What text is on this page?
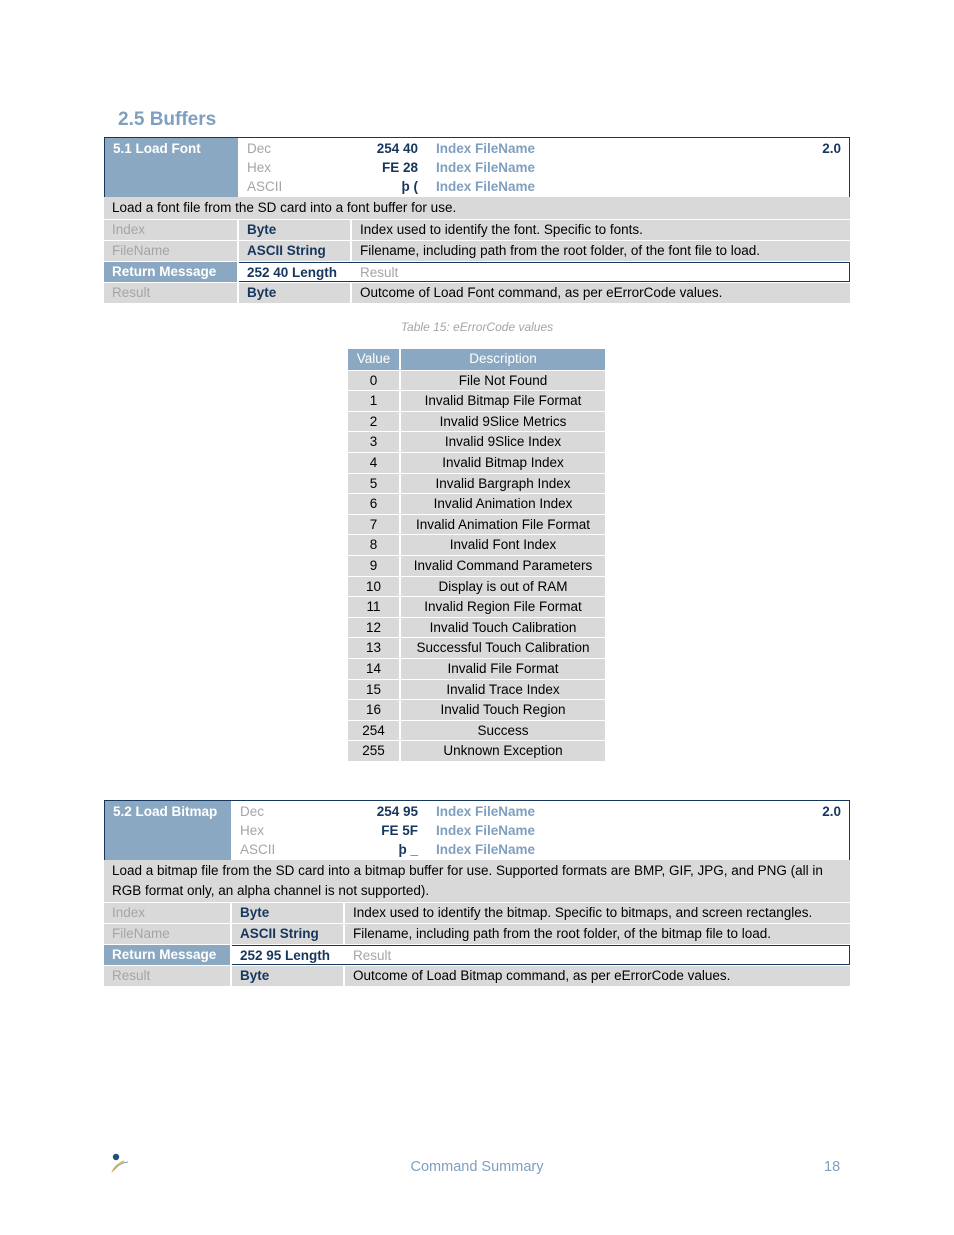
2.5 Buffers
5.1 Load Font	Dec	254 40 Index FileName	2.0
Hex	FE 28 Index FileName
ASCII	þ ( Index FileName
Load a font file from the SD card into a font buffer for use.
Index	Byte	Index used to identify the font. Specific to fonts.
FileName	ASCII String	Filename, including path from the root folder, of the font file to load.
Return Message	252 40 Length	Result
Result	Byte	Outcome of Load Font command, as per eErrorCode values.
Table 15: eErrorCode values
Value	Description
0	File Not Found
1	Invalid Bitmap File Format
2	Invalid 9Slice Metrics
3	Invalid 9Slice Index
4	Invalid Bitmap Index
5	Invalid Bargraph Index
6	Invalid Animation Index
7	Invalid Animation File Format
8	Invalid Font Index
9	Invalid Command Parameters
10	Display is out of RAM
11	Invalid Region File Format
12	Invalid Touch Calibration
13	Successful Touch Calibration
14	Invalid File Format
15	Invalid Trace Index
16	Invalid Touch Region
254	Success
255	Unknown Exception
5.2 Load Bitmap	Dec	254 95 Index FileName	2.0
Hex	FE 5F Index FileName
ASCII	þ _ Index FileName
Load a bitmap file from the SD card into a bitmap buffer for use. Supported formats are BMP, GIF, JPG, and PNG (all in RGB format only, an alpha channel is not supported).
Index	Byte	Index used to identify the bitmap. Specific to bitmaps, and screen rectangles.
FileName	ASCII String	Filename, including path from the root folder, of the bitmap file to load.
Return Message	252 95 Length	Result
Result	Byte	Outcome of Load Bitmap command, as per eErrorCode values.
Command Summary	18
